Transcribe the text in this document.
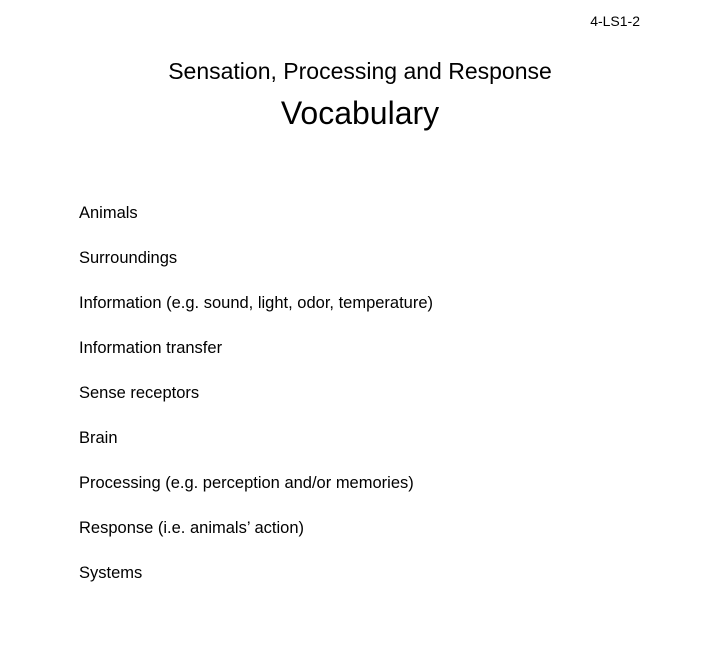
4-LS1-2
Sensation, Processing and Response
Vocabulary
Animals
Surroundings
Information (e.g. sound, light, odor, temperature)
Information transfer
Sense receptors
Brain
Processing (e.g. perception and/or memories)
Response (i.e. animals’ action)
Systems
